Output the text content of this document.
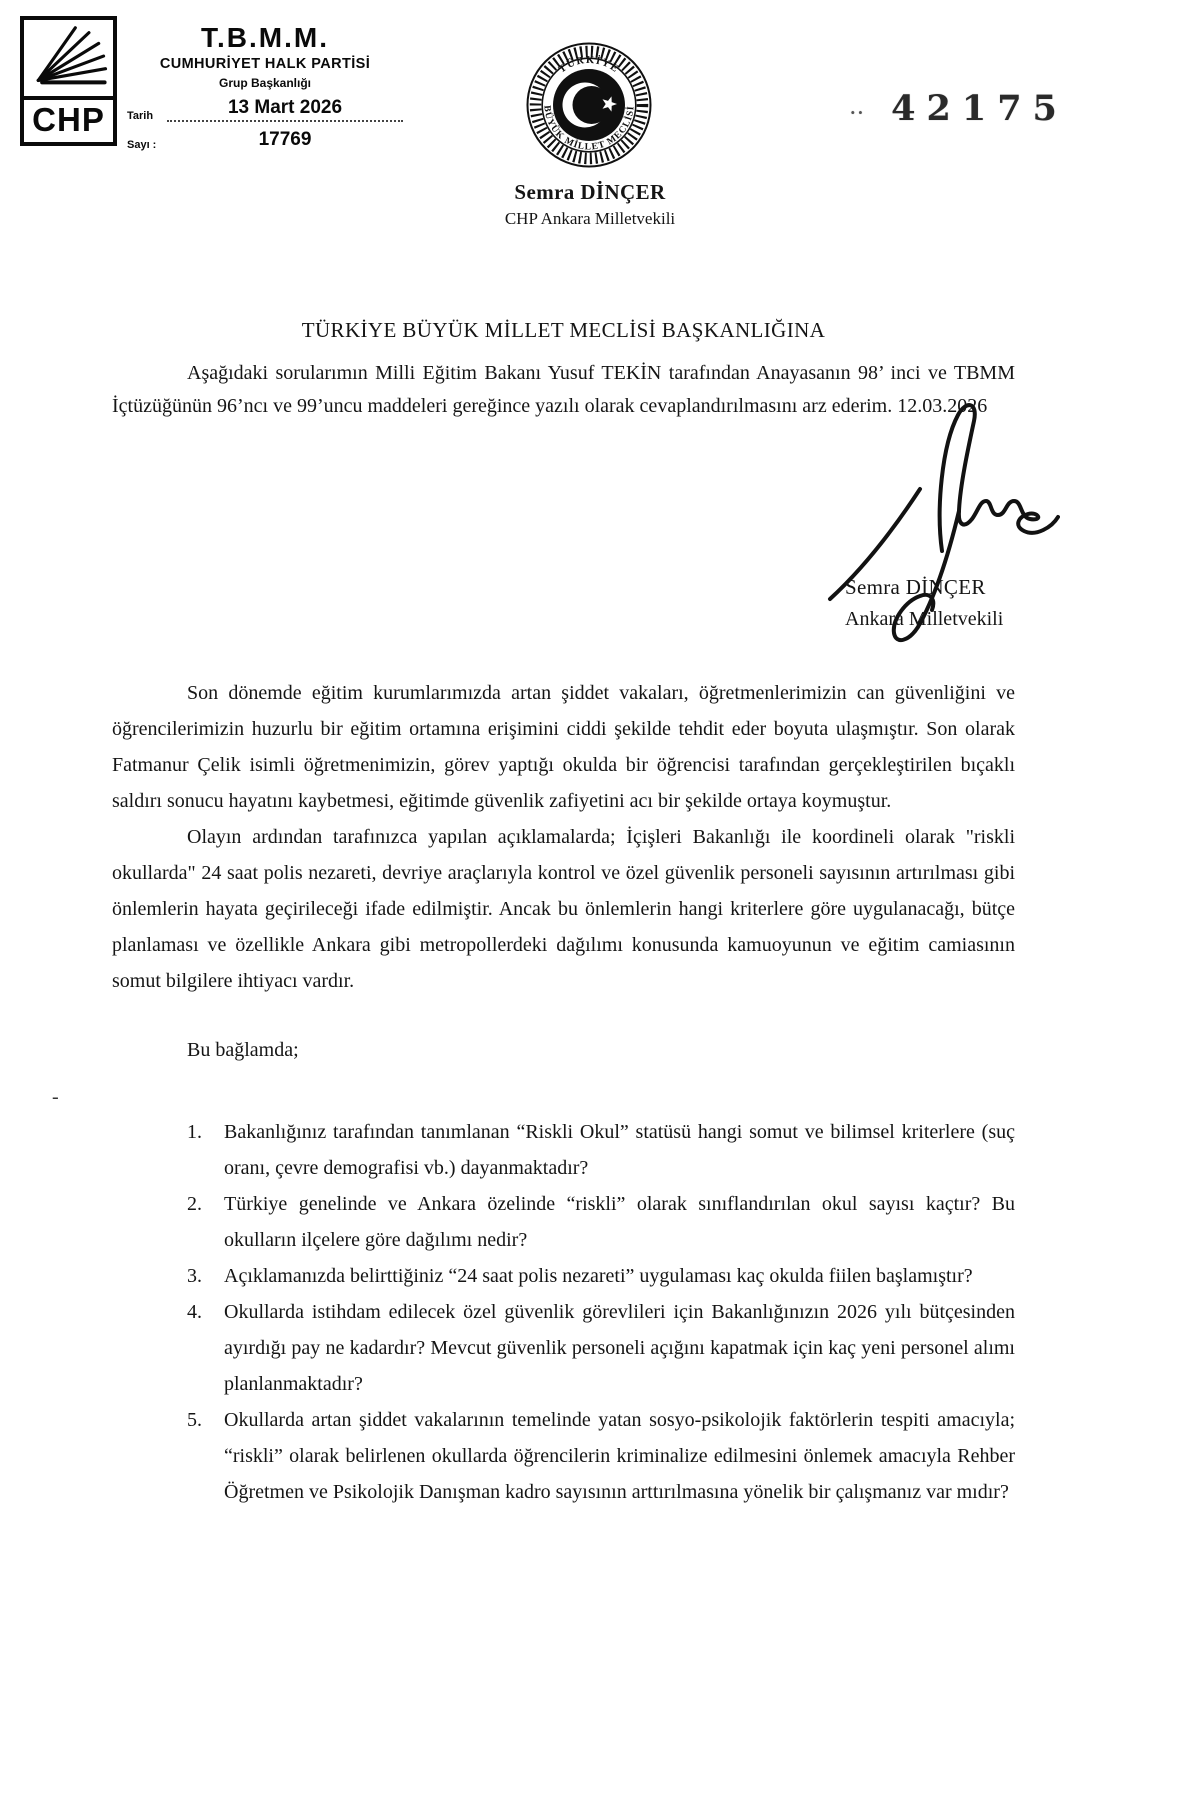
CHP
T.B.M.M.
CUMHURİYET HALK PARTİSİ
Grup Başkanlığı
Tarih	13 Mart 2026
Sayı :	17769
TÜRKİYE
BÜYÜK MİLLET MECLİSİ	.. 42175
Semra DİNÇER
CHP Ankara Milletvekili
TÜRKİYE BÜYÜK MİLLET MECLİSİ BAŞKANLIĞINA

Aşağıdaki sorularımın Milli Eğitim Bakanı Yusuf TEKİN tarafından Anayasanın 98’ inci ve TBMM İçtüzüğünün 96’ncı ve 99’uncu maddeleri gereğince yazılı olarak cevaplandırılmasını arz ederim. 12.03.2026

Semra DİNÇER
Ankara Milletvekili

Son dönemde eğitim kurumlarımızda artan şiddet vakaları, öğretmenlerimizin can güvenliğini ve öğrencilerimizin huzurlu bir eğitim ortamına erişimini ciddi şekilde tehdit eder boyuta ulaşmıştır. Son olarak Fatmanur Çelik isimli öğretmenimizin, görev yaptığı okulda bir öğrencisi tarafından gerçekleştirilen bıçaklı saldırı sonucu hayatını kaybetmesi, eğitimde güvenlik zafiyetini acı bir şekilde ortaya koymuştur.

Olayın ardından tarafınızca yapılan açıklamalarda; İçişleri Bakanlığı ile koordineli olarak "riskli okullarda" 24 saat polis nezareti, devriye araçlarıyla kontrol ve özel güvenlik personeli sayısının artırılması gibi önlemlerin hayata geçirileceği ifade edilmiştir. Ancak bu önlemlerin hangi kriterlere göre uygulanacağı, bütçe planlaması ve özellikle Ankara gibi metropollerdeki dağılımı konusunda kamuoyunun ve eğitim camiasının somut bilgilere ihtiyacı vardır.

Bu bağlamda;
1. Bakanlığınız tarafından tanımlanan “Riskli Okul” statüsü hangi somut ve bilimsel kriterlere (suç oranı, çevre demografisi vb.) dayanmaktadır?
2. Türkiye genelinde ve Ankara özelinde “riskli” olarak sınıflandırılan okul sayısı kaçtır? Bu okulların ilçelere göre dağılımı nedir?
3. Açıklamanızda belirttiğiniz “24 saat polis nezareti” uygulaması kaç okulda fiilen başlamıştır?
4. Okullarda istihdam edilecek özel güvenlik görevlileri için Bakanlığınızın 2026 yılı bütçesinden ayırdığı pay ne kadardır? Mevcut güvenlik personeli açığını kapatmak için kaç yeni personel alımı planlanmaktadır?
5. Okullarda artan şiddet vakalarının temelinde yatan sosyo-psikolojik faktörlerin tespiti amacıyla; “riskli” olarak belirlenen okullarda öğrencilerin kriminalize edilmesini önlemek amacıyla Rehber Öğretmen ve Psikolojik Danışman kadro sayısının arttırılmasına yönelik bir çalışmanız var mıdır?
-
